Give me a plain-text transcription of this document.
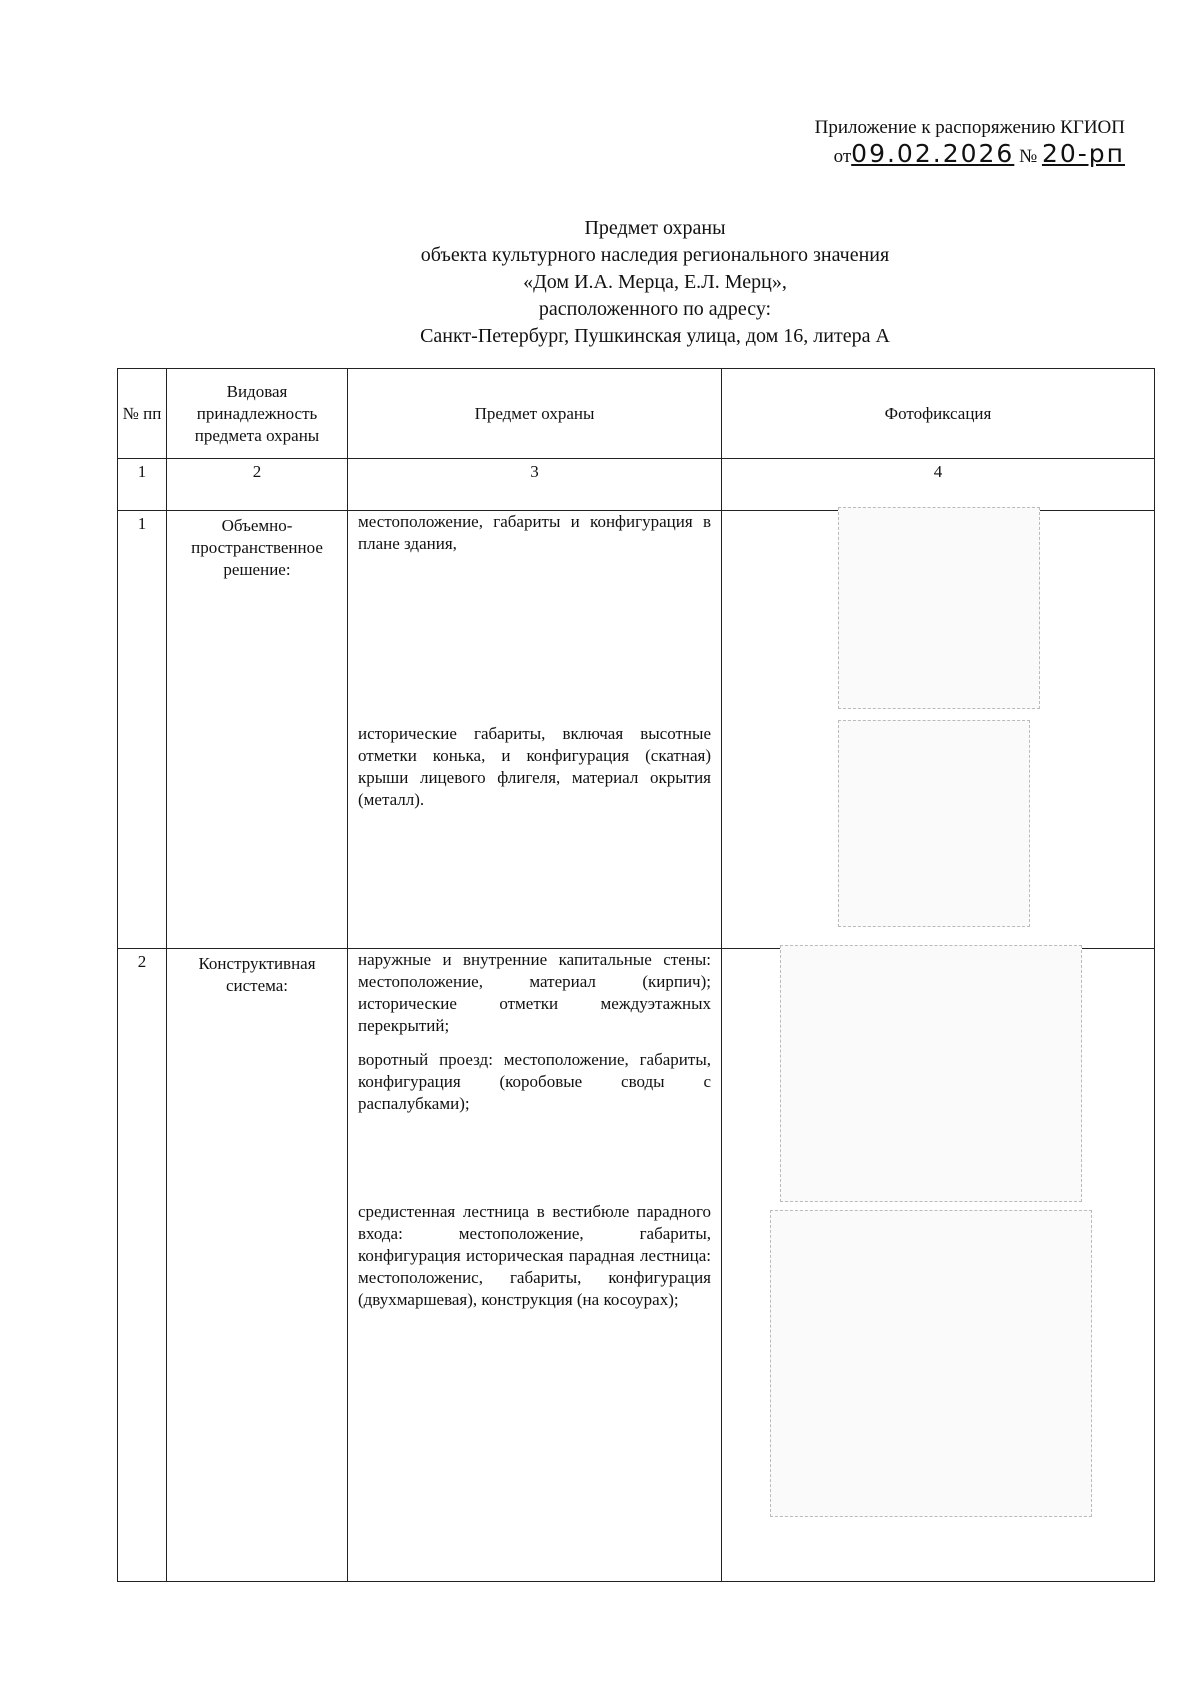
Приложение к распоряжению КГИОП
от09.02.2026 № 20-рп
Предмет охраны
объекта культурного наследия регионального значения
«Дом И.А. Мерца, Е.Л. Мерц»,
расположенного по адресу:
Санкт-Петербург, Пушкинская улица, дом 16, литера А
№ пп	Видовая принадлежность предмета охраны	Предмет охраны	Фотофиксация
1	2	3	4
1	Объемно-пространственное решение:	местоположение, габариты и конфигурация в плане здания,

исторические габариты, включая высотные отметки конька, и конфигурация (скатная) крыши лицевого флигеля, материал окрытия (металл).	

2	Конструктивная система:	наружные и внутренние капитальные стены: местоположение, материал (кирпич); исторические отметки междуэтажных перекрытий;

воротный проезд: местоположение, габариты, конфигурация (коробовые своды с распалубками);

средистенная лестница в вестибюле парадного входа: местоположение, габариты, конфигурация историческая парадная лестница: местоположенис, габариты, конфигурация (двухмаршевая), конструкция (на косоурах);	
